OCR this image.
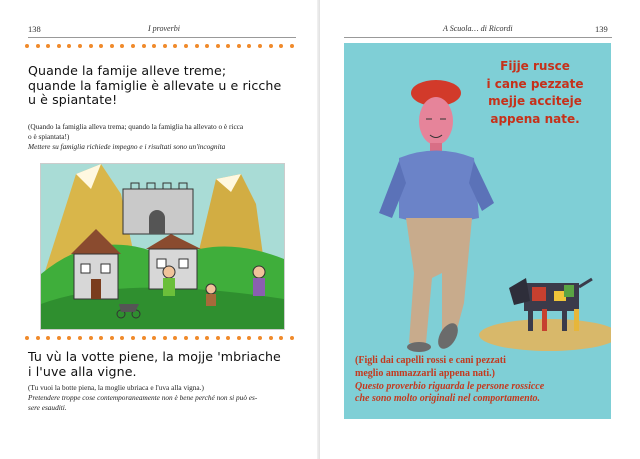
138	I proverbi
Quande la famije alleve treme;
quande la famiglie è allevate u e ricche
u è spiantate!
(Quando la famiglia alleva trema; quando la famiglia ha allevato o è ricca
o è spiantata!)
Mettere su famiglia richiede impegno e i risultati sono un'incognita
Tu vù la votte piene, la mojje 'mbriache
i l'uve alla vigne.
(Tu vuoi la botte piena, la moglie ubriaca e l'uva alla vigna.)
Pretendere troppe cose contemporaneamente non è bene perché non si può es-
sere esauditi.
A Scuola… di Ricordi	139
Fijje rusce
i cane pezzate
mejje acciteje
appena nate.
(Figli dai capelli rossi e cani pezzati
meglio ammazzarli appena nati.)
Questo proverbio riguarda le persone rossicce
che sono molto originali nel comportamento.
